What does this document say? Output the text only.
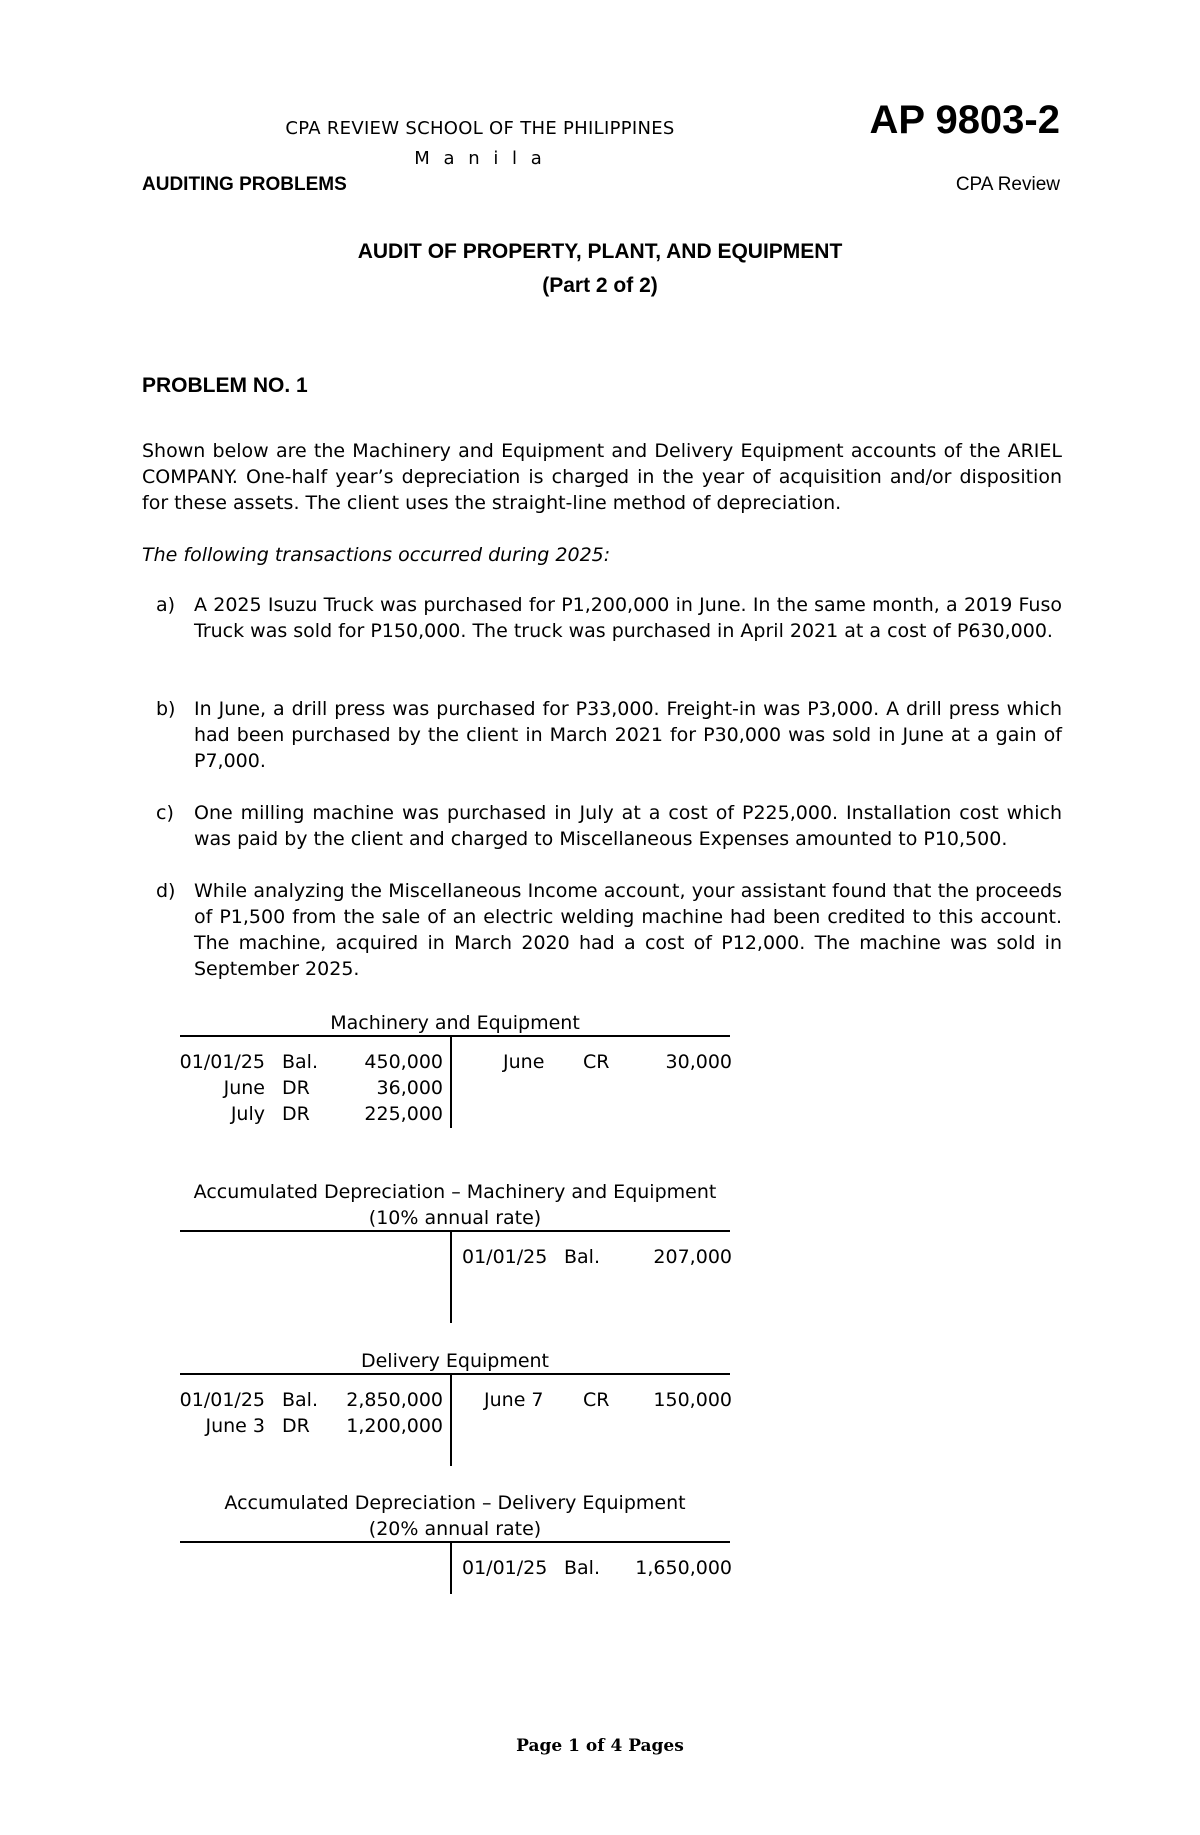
CPA REVIEW SCHOOL OF THE PHILIPPINES
M a n i l a
AP 9803-2
AUDITING PROBLEMS	CPA Review
AUDIT OF PROPERTY, PLANT, AND EQUIPMENT
(Part 2 of 2)
PROBLEM NO. 1
Shown below are the Machinery and Equipment and Delivery Equipment accounts of the ARIEL COMPANY. One-half year’s depreciation is charged in the year of acquisition and/or disposition for these assets. The client uses the straight-line method of depreciation.
The following transactions occurred during 2025:
a) A 2025 Isuzu Truck was purchased for P1,200,000 in June. In the same month, a 2019 Fuso Truck was sold for P150,000. The truck was purchased in April 2021 at a cost of P630,000.
b) In June, a drill press was purchased for P33,000. Freight-in was P3,000. A drill press which had been purchased by the client in March 2021 for P30,000 was sold in June at a gain of P7,000.
c) One milling machine was purchased in July at a cost of P225,000. Installation cost which was paid by the client and charged to Miscellaneous Expenses amounted to P10,500.
d) While analyzing the Miscellaneous Income account, your assistant found that the proceeds of P1,500 from the sale of an electric welding machine had been credited to this account. The machine, acquired in March 2020 had a cost of P12,000. The machine was sold in September 2025.
Machinery and Equipment
01/01/25 Bal. 450,000
June DR	36,000
July DR	225,000
June CR	30,000
Accumulated Depreciation – Machinery and Equipment
(10% annual rate)
01/01/25 Bal.	207,000
Delivery Equipment
01/01/25 Bal. 2,850,000
June 3 DR 1,200,000
June 7 CR 150,000
Accumulated Depreciation – Delivery Equipment
(20% annual rate)
01/01/25 Bal. 1,650,000
Page 1 of 4 Pages
